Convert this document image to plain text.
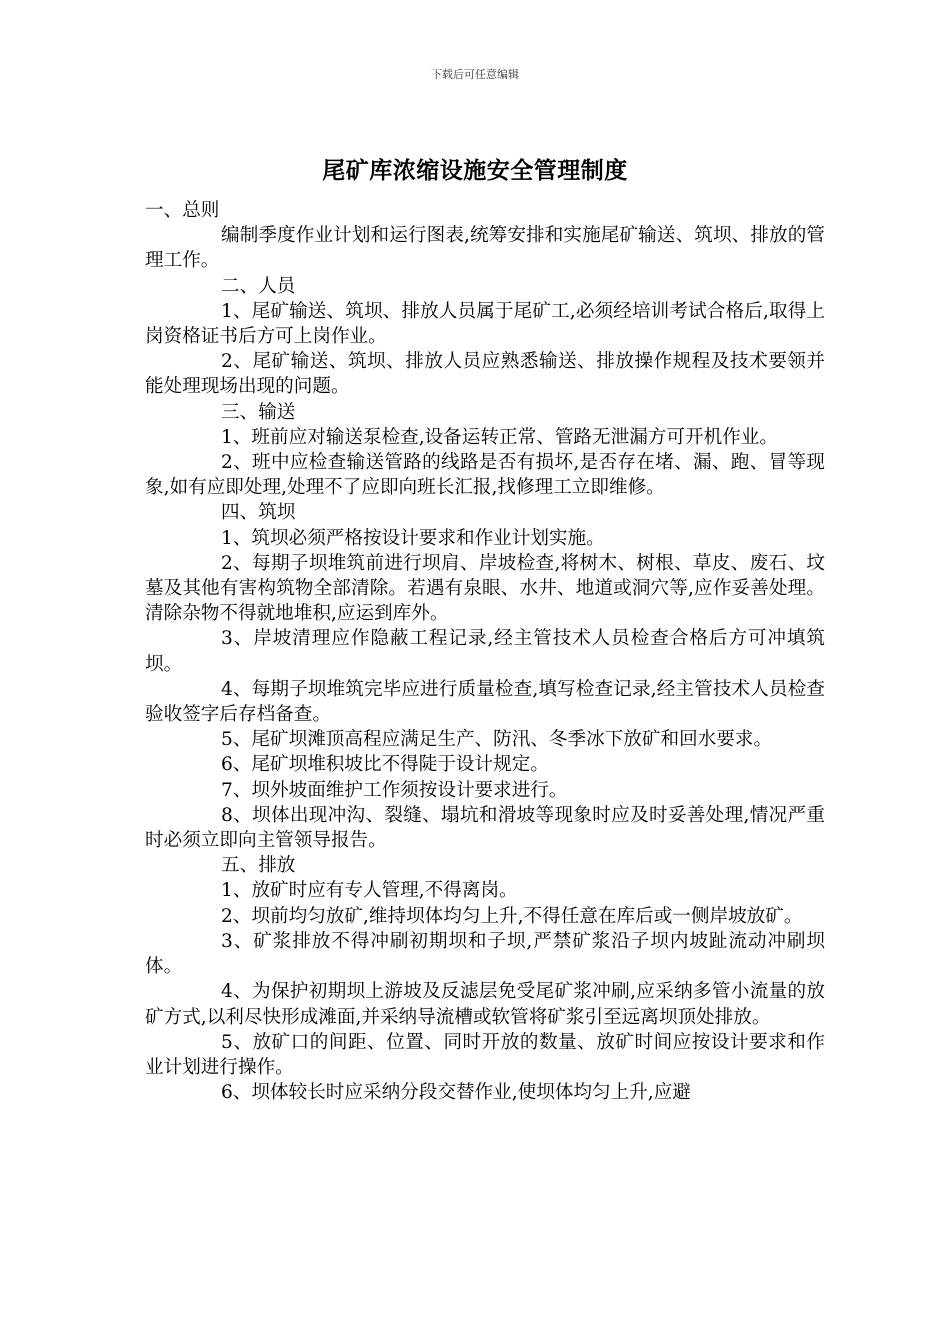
下载后可任意编辑
尾矿库浓缩设施安全管理制度

一、总则

编制季度作业计划和运行图表,统筹安排和实施尾矿输送、筑坝、排放的管理工作。

二、人员

1、尾矿输送、筑坝、排放人员属于尾矿工,必须经培训考试合格后,取得上岗资格证书后方可上岗作业。

2、尾矿输送、筑坝、排放人员应熟悉输送、排放操作规程及技术要领并能处理现场出现的问题。

三、输送

1、班前应对输送泵检查,设备运转正常、管路无泄漏方可开机作业。

2、班中应检查输送管路的线路是否有损坏,是否存在堵、漏、跑、冒等现象,如有应即处理,处理不了应即向班长汇报,找修理工立即维修。

四、筑坝

1、筑坝必须严格按设计要求和作业计划实施。

2、每期子坝堆筑前进行坝肩、岸坡检查,将树木、树根、草皮、废石、坟墓及其他有害构筑物全部清除。若遇有泉眼、水井、地道或洞穴等,应作妥善处理。清除杂物不得就地堆积,应运到库外。

3、岸坡清理应作隐蔽工程记录,经主管技术人员检查合格后方可冲填筑坝。

4、每期子坝堆筑完毕应进行质量检查,填写检查记录,经主管技术人员检查验收签字后存档备查。

5、尾矿坝滩顶高程应满足生产、防汛、冬季冰下放矿和回水要求。

6、尾矿坝堆积坡比不得陡于设计规定。

7、坝外坡面维护工作须按设计要求进行。

8、坝体出现冲沟、裂缝、塌坑和滑坡等现象时应及时妥善处理,情况严重时必须立即向主管领导报告。

五、排放

1、放矿时应有专人管理,不得离岗。

2、坝前均匀放矿,维持坝体均匀上升,不得任意在库后或一侧岸坡放矿。

3、矿浆排放不得冲刷初期坝和子坝,严禁矿浆沿子坝内坡趾流动冲刷坝体。

4、为保护初期坝上游坡及反滤层免受尾矿浆冲刷,应采纳多管小流量的放矿方式,以利尽快形成滩面,并采纳导流槽或软管将矿浆引至远离坝顶处排放。

5、放矿口的间距、位置、同时开放的数量、放矿时间应按设计要求和作业计划进行操作。

6、坝体较长时应采纳分段交替作业,使坝体均匀上升,应避
